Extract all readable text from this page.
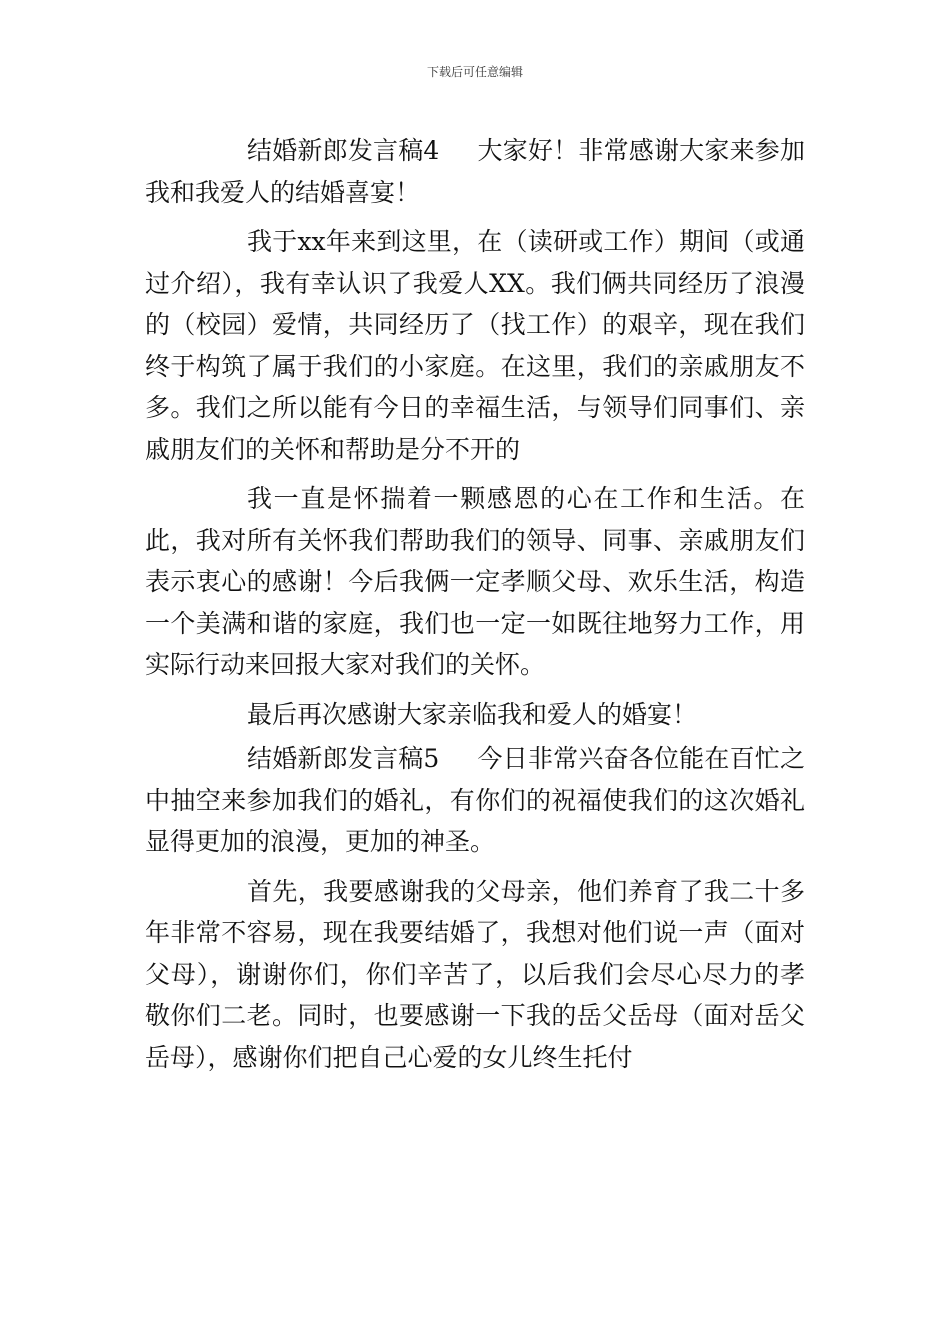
下载后可任意编辑

结婚新郎发言稿4 大家好！非常感谢大家来参加我和我爱人的结婚喜宴！

我于xx年来到这里，在（读研或工作）期间（或通过介绍），我有幸认识了我爱人XX。我们俩共同经历了浪漫的（校园）爱情，共同经历了（找工作）的艰辛，现在我们终于构筑了属于我们的小家庭。在这里，我们的亲戚朋友不多。我们之所以能有今日的幸福生活，与领导们同事们、亲戚朋友们的关怀和帮助是分不开的

我一直是怀揣着一颗感恩的心在工作和生活。在此，我对所有关怀我们帮助我们的领导、同事、亲戚朋友们表示衷心的感谢！今后我俩一定孝顺父母、欢乐生活，构造一个美满和谐的家庭，我们也一定一如既往地努力工作，用实际行动来回报大家对我们的关怀。

最后再次感谢大家亲临我和爱人的婚宴！

结婚新郎发言稿5 今日非常兴奋各位能在百忙之中抽空来参加我们的婚礼，有你们的祝福使我们的这次婚礼显得更加的浪漫，更加的神圣。

首先，我要感谢我的父母亲，他们养育了我二十多年非常不容易，现在我要结婚了，我想对他们说一声（面对父母），谢谢你们，你们辛苦了，以后我们会尽心尽力的孝敬你们二老。同时，也要感谢一下我的岳父岳母（面对岳父岳母），感谢你们把自己心爱的女儿终生托付
